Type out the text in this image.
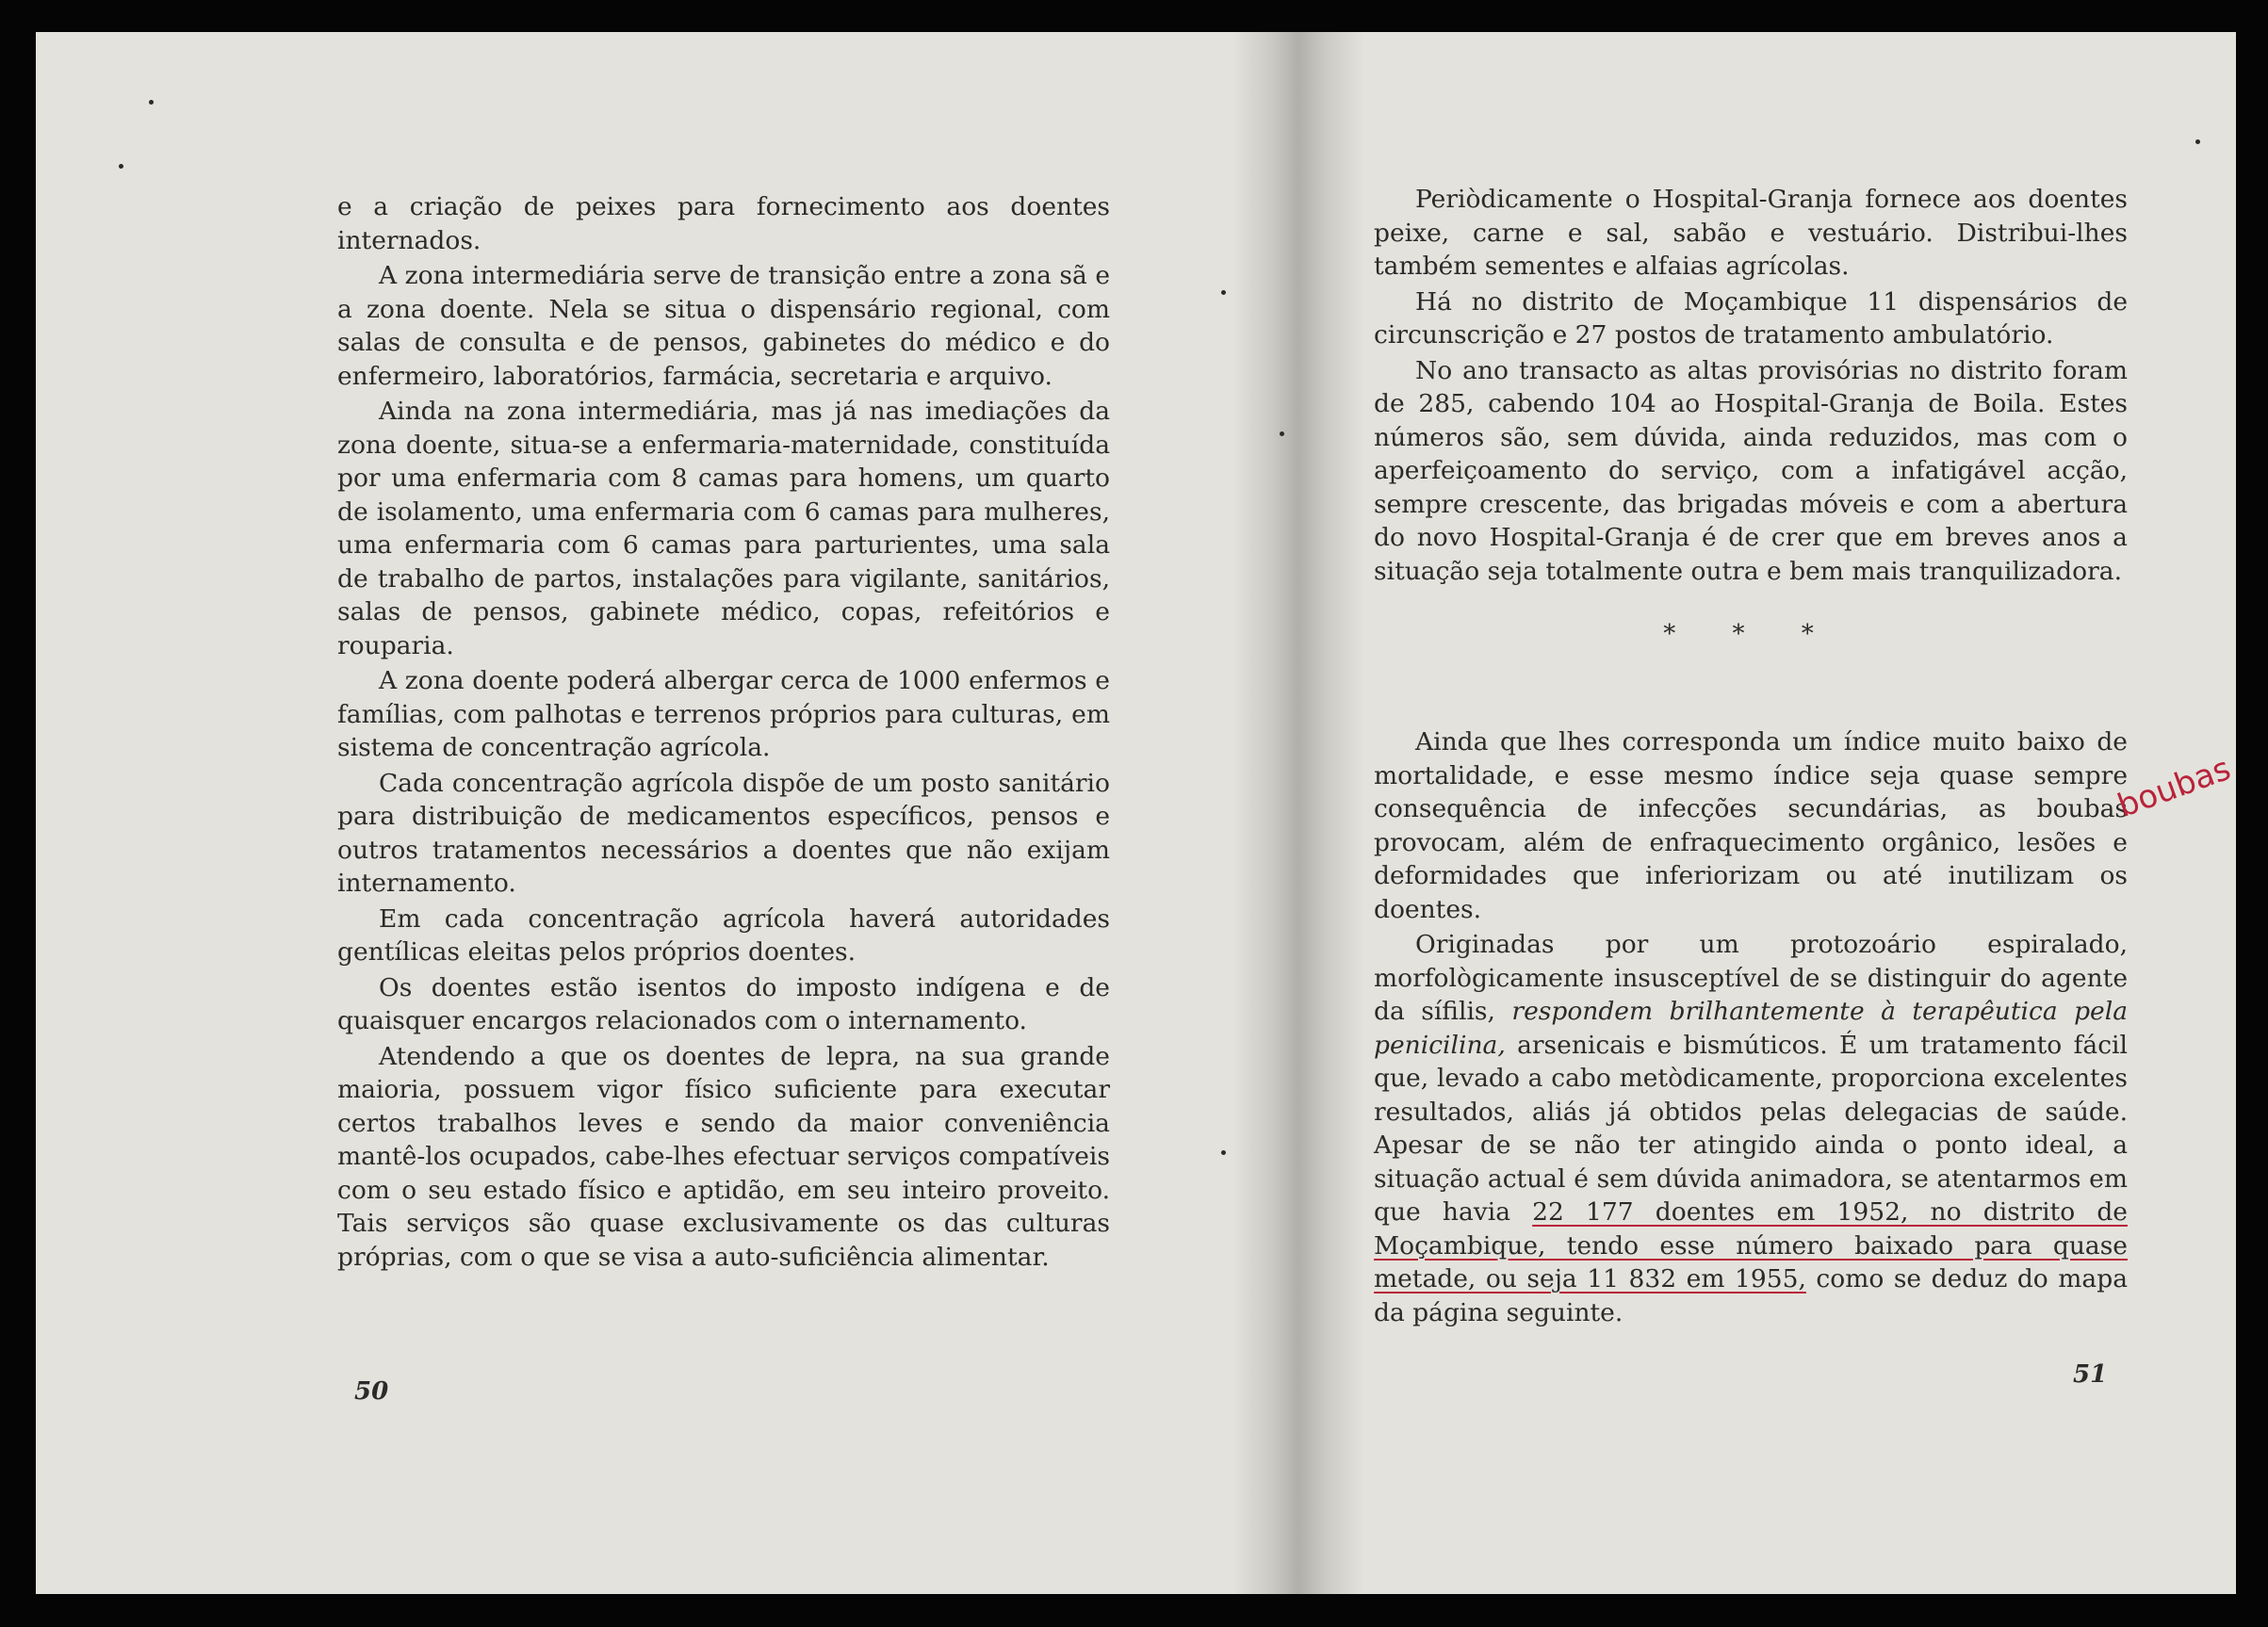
e a criação de peixes para fornecimento aos doentes internados.

A zona intermediária serve de transição entre a zona sã e a zona doente. Nela se situa o dispensário regional, com salas de consulta e de pensos, gabinetes do médico e do enfermeiro, laboratórios, farmácia, secretaria e arquivo.

Ainda na zona intermediária, mas já nas imediações da zona doente, situa-se a enfermaria-maternidade, constituída por uma enfermaria com 8 camas para homens, um quarto de isolamento, uma enfermaria com 6 camas para mulheres, uma enfermaria com 6 camas para parturientes, uma sala de trabalho de partos, instalações para vigilante, sanitários, salas de pensos, gabinete médico, copas, refeitórios e rouparia.

A zona doente poderá albergar cerca de 1000 enfermos e famílias, com palhotas e terrenos próprios para culturas, em sistema de concentração agrícola.

Cada concentração agrícola dispõe de um posto sanitário para distribuição de medicamentos específicos, pensos e outros tratamentos necessários a doentes que não exijam internamento.

Em cada concentração agrícola haverá autoridades gentílicas eleitas pelos próprios doentes.

Os doentes estão isentos do imposto indígena e de quaisquer encargos relacionados com o internamento.

Atendendo a que os doentes de lepra, na sua grande maioria, possuem vigor físico suficiente para executar certos trabalhos leves e sendo da maior conveniência mantê-los ocupados, cabe-lhes efectuar serviços compatíveis com o seu estado físico e aptidão, em seu inteiro proveito. Tais serviços são quase exclusivamente os das culturas próprias, com o que se visa a auto-suficiência alimentar.

50

Periòdicamente o Hospital-Granja fornece aos doentes peixe, carne e sal, sabão e vestuário. Distribui-lhes também sementes e alfaias agrícolas.

Há no distrito de Moçambique 11 dispensários de circunscrição e 27 postos de tratamento ambulatório.

No ano transacto as altas provisórias no distrito foram de 285, cabendo 104 ao Hospital-Granja de Boila. Estes números são, sem dúvida, ainda reduzidos, mas com o aperfeiçoamento do serviço, com a infatigável acção, sempre crescente, das brigadas móveis e com a abertura do novo Hospital-Granja é de crer que em breves anos a situação seja totalmente outra e bem mais tranquilizadora.

* * *

Ainda que lhes corresponda um índice muito baixo de mortalidade, e esse mesmo índice seja quase sempre consequência de infecções secundárias, as boubas provocam, além de enfraquecimento orgânico, lesões e deformidades que inferiorizam ou até inutilizam os doentes.

Originadas por um protozoário espiralado, morfològicamente insusceptível de se distinguir do agente da sífilis, respondem brilhantemente à terapêutica pela penicilina, arsenicais e bismúticos. É um tratamento fácil que, levado a cabo metòdicamente, proporciona excelentes resultados, aliás já obtidos pelas delegacias de saúde. Apesar de se não ter atingido ainda o ponto ideal, a situação actual é sem dúvida animadora, se atentarmos em que havia 22 177 doentes em 1952, no distrito de Moçambique, tendo esse número baixado para quase metade, ou seja 11 832 em 1955, como se deduz do mapa da página seguinte.

51
boubas
